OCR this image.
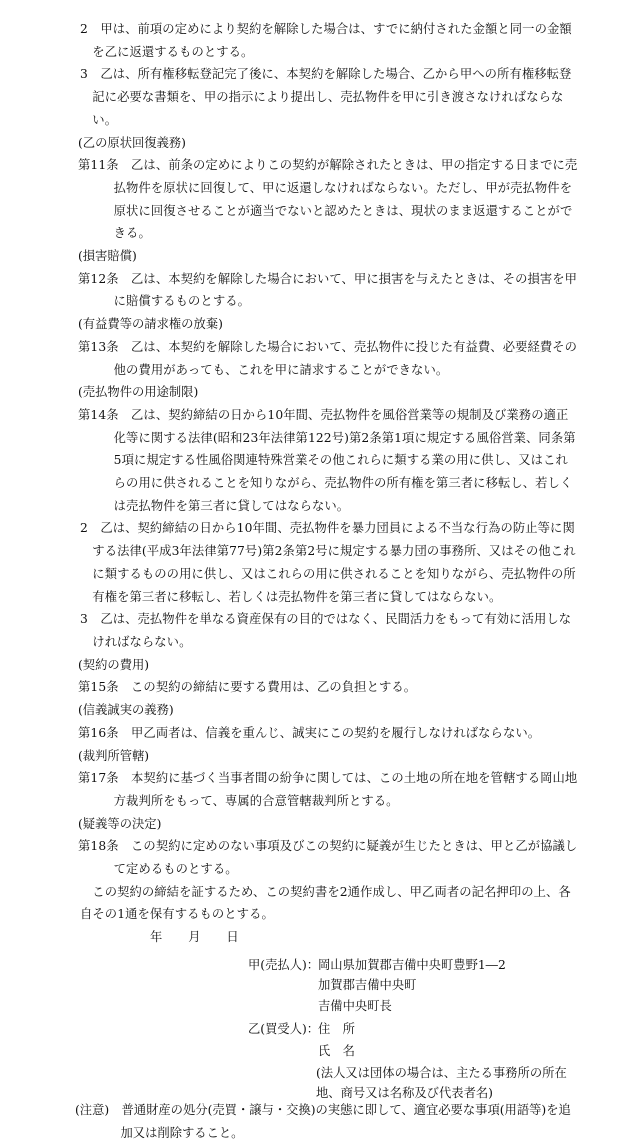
2　甲は、前項の定めにより契約を解除した場合は、すでに納付された金額と同一の金額を乙に返還するものとする。

3　乙は、所有権移転登記完了後に、本契約を解除した場合、乙から甲への所有権移転登記に必要な書類を、甲の指示により提出し、売払物件を甲に引き渡さなければならない。

(乙の原状回復義務)

第11条　乙は、前条の定めによりこの契約が解除されたときは、甲の指定する日までに売払物件を原状に回復して、甲に返還しなければならない。ただし、甲が売払物件を原状に回復させることが適当でないと認めたときは、現状のまま返還することができる。

(損害賠償)

第12条　乙は、本契約を解除した場合において、甲に損害を与えたときは、その損害を甲に賠償するものとする。

(有益費等の請求権の放棄)

第13条　乙は、本契約を解除した場合において、売払物件に投じた有益費、必要経費その他の費用があっても、これを甲に請求することができない。

(売払物件の用途制限)

第14条　乙は、契約締結の日から10年間、売払物件を風俗営業等の規制及び業務の適正化等に関する法律(昭和23年法律第122号)第2条第1項に規定する風俗営業、同条第5項に規定する性風俗関連特殊営業その他これらに類する業の用に供し、又はこれらの用に供されることを知りながら、売払物件の所有権を第三者に移転し、若しくは売払物件を第三者に貸してはならない。

2　乙は、契約締結の日から10年間、売払物件を暴力団員による不当な行為の防止等に関する法律(平成3年法律第77号)第2条第2号に規定する暴力団の事務所、又はその他これに類するものの用に供し、又はこれらの用に供されることを知りながら、売払物件の所有権を第三者に移転し、若しくは売払物件を第三者に貸してはならない。

3　乙は、売払物件を単なる資産保有の目的ではなく、民間活力をもって有効に活用しなければならない。

(契約の費用)

第15条　この契約の締結に要する費用は、乙の負担とする。

(信義誠実の義務)

第16条　甲乙両者は、信義を重んじ、誠実にこの契約を履行しなければならない。

(裁判所管轄)

第17条　本契約に基づく当事者間の紛争に関しては、この土地の所在地を管轄する岡山地方裁判所をもって、専属的合意管轄裁判所とする。

(疑義等の決定)

第18条　この契約に定めのない事項及びこの契約に疑義が生じたときは、甲と乙が協議して定めるものとする。

この契約の締結を証するため、この契約書を2通作成し、甲乙両者の記名押印の上、各自その1通を保有するものとする。

年 月 日
甲(売払人)：
岡山県加賀郡吉備中央町豊野1―2
加賀郡吉備中央町
吉備中央町長
乙(買受人)：
住　所
氏　名
(法人又は団体の場合は、主たる事務所の所在地、商号又は名称及び代表者名)

(注意)　普通財産の処分(売買・譲与・交換)の実態に即して、適宜必要な事項(用語等)を追加又は削除すること。
